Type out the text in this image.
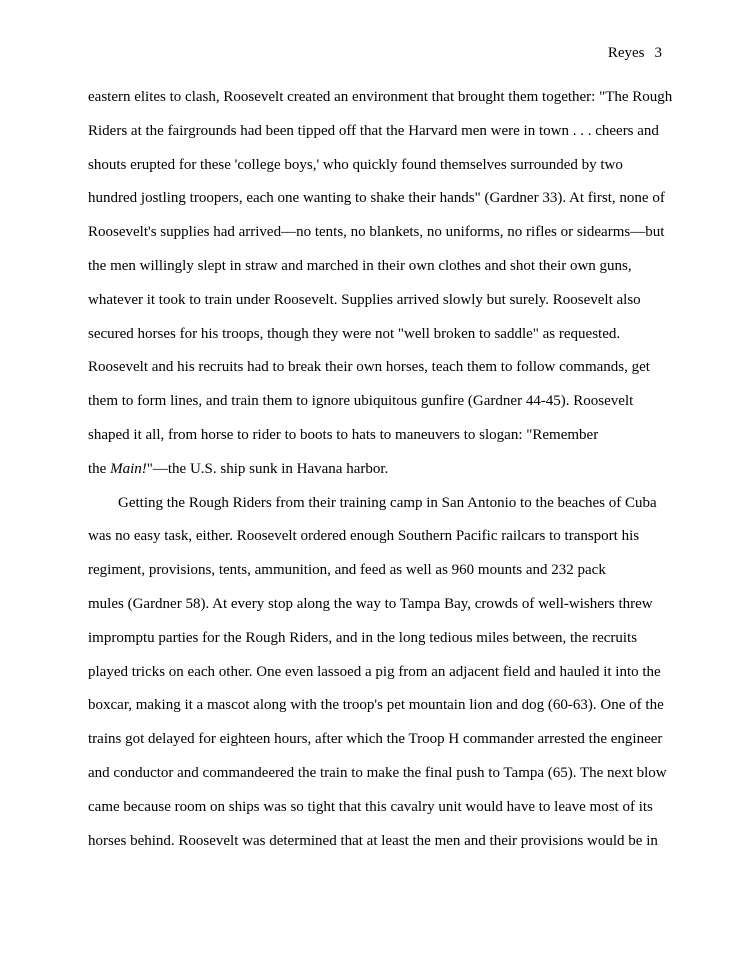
Reyes 3
eastern elites to clash, Roosevelt created an environment that brought them together: "The Rough
Riders at the fairgrounds had been tipped off that the Harvard men were in town . . . cheers and
shouts erupted for these 'college boys,' who quickly found themselves surrounded by two
hundred jostling troopers, each one wanting to shake their hands" (Gardner 33). At first, none of
Roosevelt's supplies had arrived—no tents, no blankets, no uniforms, no rifles or sidearms—but
the men willingly slept in straw and marched in their own clothes and shot their own guns,
whatever it took to train under Roosevelt. Supplies arrived slowly but surely. Roosevelt also
secured horses for his troops, though they were not "well broken to saddle" as requested.
Roosevelt and his recruits had to break their own horses, teach them to follow commands, get
them to form lines, and train them to ignore ubiquitous gunfire (Gardner 44-45). Roosevelt
shaped it all, from horse to rider to boots to hats to maneuvers to slogan: "Remember
the Main!"—the U.S. ship sunk in Havana harbor.
Getting the Rough Riders from their training camp in San Antonio to the beaches of Cuba
was no easy task, either. Roosevelt ordered enough Southern Pacific railcars to transport his
regiment, provisions, tents, ammunition, and feed as well as 960 mounts and 232 pack
mules (Gardner 58). At every stop along the way to Tampa Bay, crowds of well-wishers threw
impromptu parties for the Rough Riders, and in the long tedious miles between, the recruits
played tricks on each other. One even lassoed a pig from an adjacent field and hauled it into the
boxcar, making it a mascot along with the troop's pet mountain lion and dog (60-63). One of the
trains got delayed for eighteen hours, after which the Troop H commander arrested the engineer
and conductor and commandeered the train to make the final push to Tampa (65). The next blow
came because room on ships was so tight that this cavalry unit would have to leave most of its
horses behind. Roosevelt was determined that at least the men and their provisions would be in
